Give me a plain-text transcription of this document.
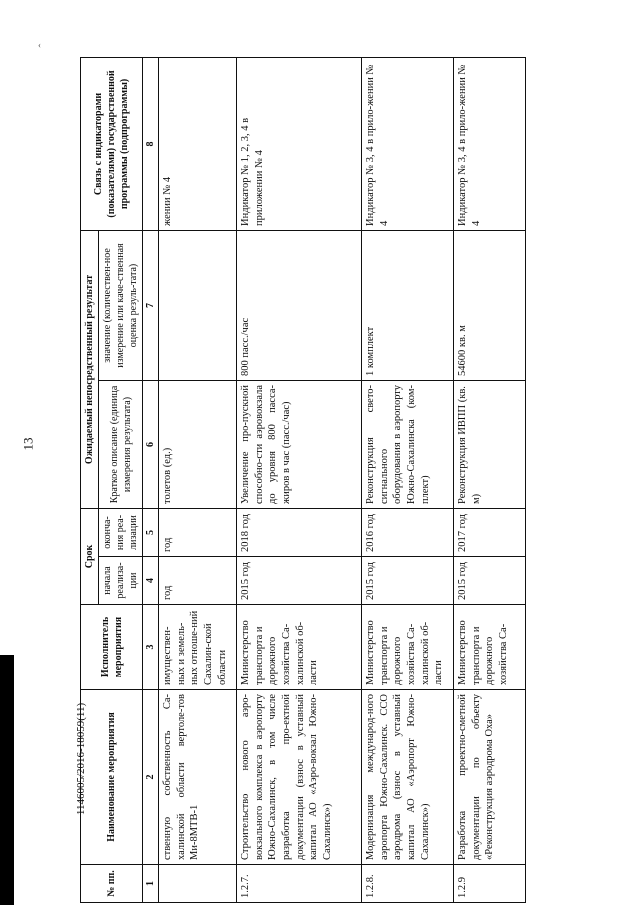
‹
13
1146005/2016-18059(11)
№ пп.	Наименование мероприятия	Исполнитель мероприятия	Срок		Ожидаемый непосредственный результат		Связь с индикаторами (показателями) государственной программы (подпрограммы)
			начала реализа-ции	оконча-ния реа-лизации	Краткое описание (единица измерения результата)	значение (количествен-ное измерение или каче-ственная оценка резуль-тата)	
1	2	3	4	5	6	7	8
	ственную собственность Са-халинской области вертоле-тов Ми-8МТВ-1	имуществен-ных и земель-ных отноше-ний Сахалин-ской области	год	год	толетов (ед.)		жении № 4
1.2.7.	Строительство нового аэро-вокзального комплекса в аэропорту Южно-Сахалинск, в том числе разработка про-ектной документации (взнос в уставный капитал АО «Аэро-вокзал Южно-Сахалинск»)	Министерство транспорта и дорожного хозяйства Са-халинской об-ласти	2015 год	2018 год	Увеличение про-пускной способно-сти аэровокзала до уровня 800 пасса-жиров в час (пасс./час)	800 пасс./час	Индикатор № 1, 2, 3, 4 в приложении № 4
1.2.8.	Модернизация международ-ного аэропорта Южно-Сахалинск. ССО аэродрома (взнос в уставный капитал АО «Аэропорт Южно-Сахалинск»)	Министерство транспорта и дорожного хозяйства Са-халинской об-ласти	2015 год	2016 год	Реконструкция свето-сигнального оборудования в аэропорту Южно-Сахалинска (ком-плект)	1 комплект	Индикатор № 3, 4 в прило-жении № 4
1.2.9	Разработка проектно-сметной документации по объекту «Реконструкция аэродрома Оха»	Министерство транспорта и дорожного хозяйства Са-	2015 год	2017 год	Реконструкция ИВПП (кв. м)	54600 кв. м	Индикатор № 3, 4 в прило-жении № 4
